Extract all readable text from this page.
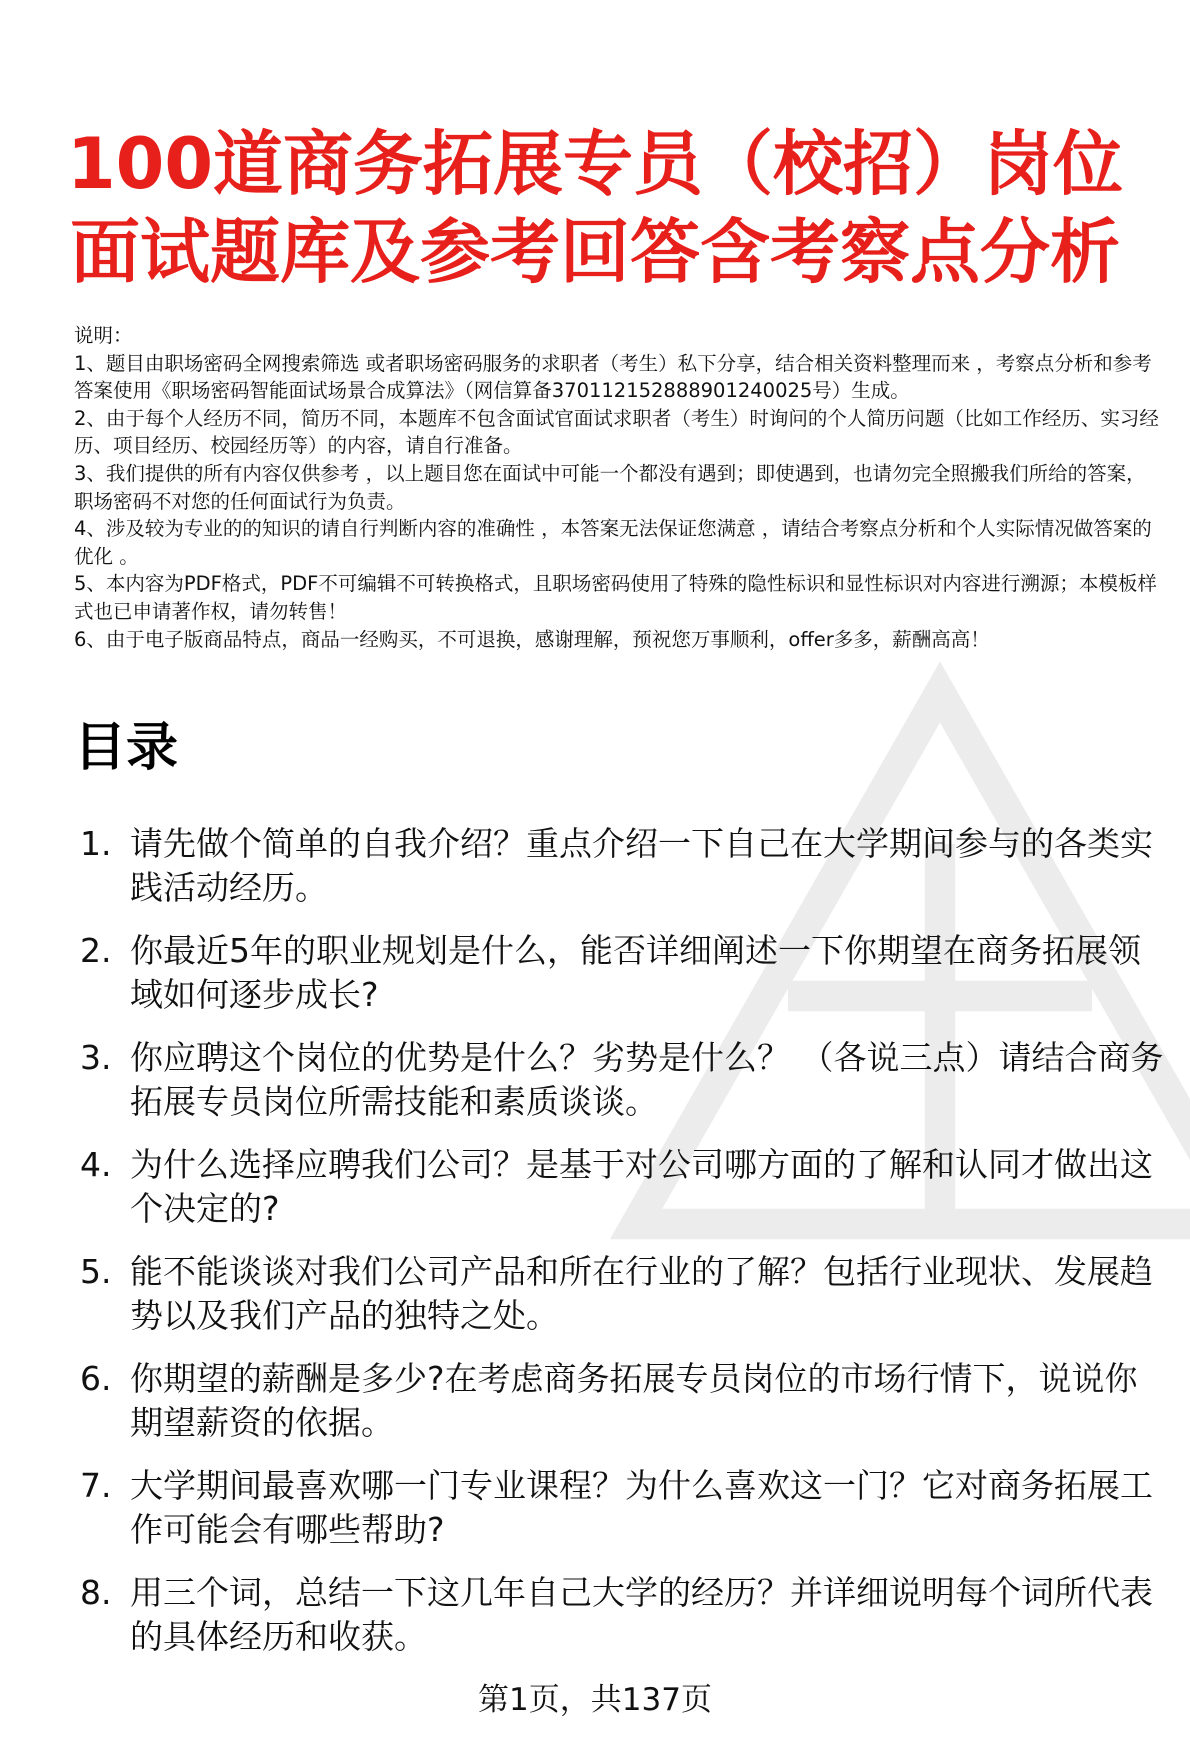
100道商务拓展专员（校招）岗位面试题库及参考回答含考察点分析

说明：

1、题目由职场密码全网搜索筛选 或者职场密码服务的求职者（考生）私下分享，结合相关资料整理而来 ，考察点分析和参考答案使用《职场密码智能面试场景合成算法》（网信算备370112152888901240025号）生成。

2、由于每个人经历不同，简历不同，本题库不包含面试官面试求职者（考生）时询问的个人简历问题（比如工作经历、实习经历、项目经历、校园经历等）的内容，请自行准备。

3、我们提供的所有内容仅供参考 ，以上题目您在面试中可能一个都没有遇到；即使遇到，也请勿完全照搬我们所给的答案，职场密码不对您的任何面试行为负责。

4、涉及较为专业的的知识的请自行判断内容的准确性 ，本答案无法保证您满意 ，请结合考察点分析和个人实际情况做答案的优化 。

5、本内容为PDF格式，PDF不可编辑不可转换格式，且职场密码使用了特殊的隐性标识和显性标识对内容进行溯源；本模板样式也已申请著作权，请勿转售！

6、由于电子版商品特点，商品一经购买，不可退换，感谢理解，预祝您万事顺利，offer多多，薪酬高高！

目录
1. 请先做个简单的自我介绍？重点介绍一下自己在大学期间参与的各类实践活动经历。
2. 你最近5年的职业规划是什么，能否详细阐述一下你期望在商务拓展领域如何逐步成长?
3. 你应聘这个岗位的优势是什么？劣势是什么？ （各说三点）请结合商务拓展专员岗位所需技能和素质谈谈。
4. 为什么选择应聘我们公司？是基于对公司哪方面的了解和认同才做出这个决定的?
5. 能不能谈谈对我们公司产品和所在行业的了解？包括行业现状、发展趋势以及我们产品的独特之处。
6. 你期望的薪酬是多少?在考虑商务拓展专员岗位的市场行情下，说说你期望薪资的依据。
7. 大学期间最喜欢哪一门专业课程？为什么喜欢这一门？它对商务拓展工作可能会有哪些帮助?
8. 用三个词，总结一下这几年自己大学的经历？并详细说明每个词所代表的具体经历和收获。
第1页，共137页
